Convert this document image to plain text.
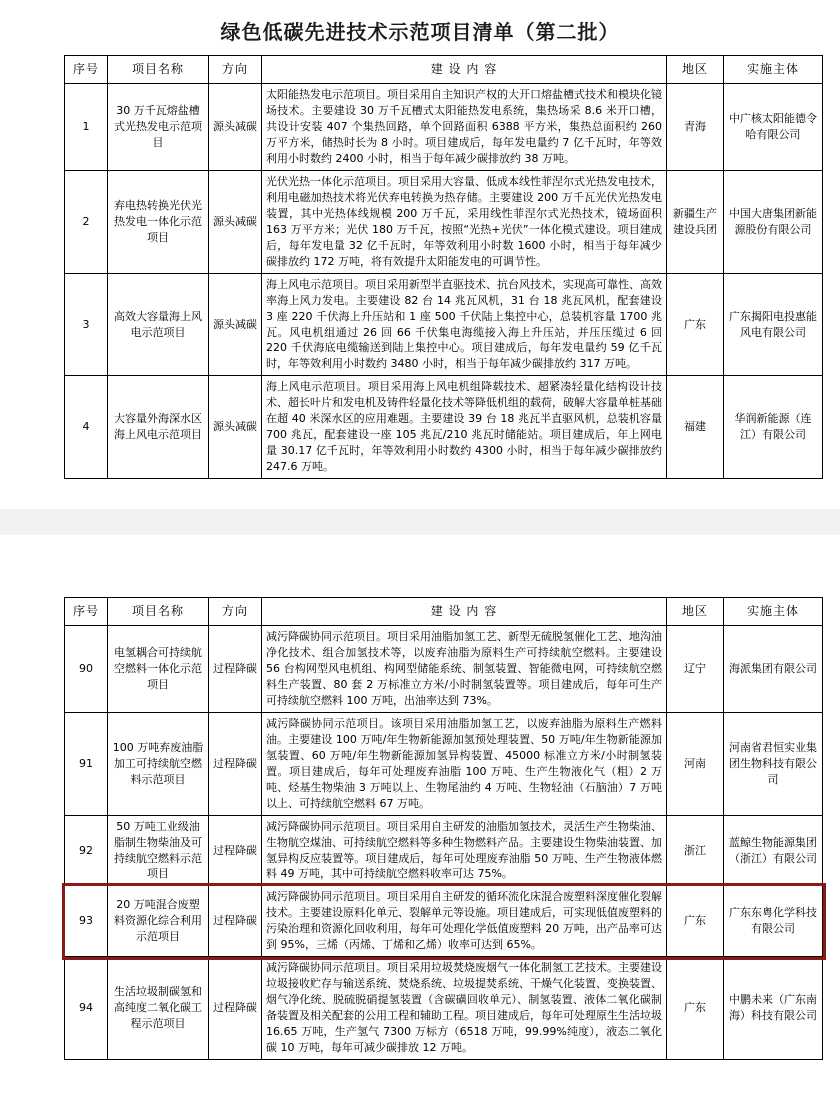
绿色低碳先进技术示范项目清单（第二批）
序号	项目名称	方向	建 设 内 容	地区	实施主体
1	30 万千瓦熔盐槽式光热发电示范项目	源头减碳	太阳能热发电示范项目。项目采用自主知识产权的大开口熔盐槽式技术和模块化镜场技术。主要建设 30 万千瓦槽式太阳能热发电系统，集热场采 8.6 米开口槽，共设计安装 407 个集热回路，单个回路面积 6388 平方米，集热总面积约 260 万平方米，储热时长为 8 小时。项目建成后，每年发电量约 7 亿千瓦时，年等效利用小时数约 2400 小时，相当于每年减少碳排放约 38 万吨。	青海	中广核太阳能德令哈有限公司
2	弃电热转换光伏光热发电一体化示范项目	源头减碳	光伏光热一体化示范项目。项目采用大容量、低成本线性菲涅尔式光热发电技术，利用电磁加热技术将光伏弃电转换为热存储。主要建设 200 万千瓦光伏光热发电装置，其中光热体线规模 200 万千瓦，采用线性菲涅尔式光热技术，镜场面积 163 万平方米；光伏 180 万千瓦，按照“光热+光伏”一体化模式建设。项目建成后，每年发电量 32 亿千瓦时，年等效利用小时数 1600 小时，相当于每年减少碳排放约 172 万吨，将有效提升太阳能发电的可调节性。	新疆生产建设兵团	中国大唐集团新能源股份有限公司
3	高效大容量海上风电示范项目	源头减碳	海上风电示范项目。项目采用新型半直驱技术、抗台风技术，实现高可靠性、高效率海上风力发电。主要建设 82 台 14 兆瓦风机，31 台 18 兆瓦风机，配套建设 3 座 220 千伏海上升压站和 1 座 500 千伏陆上集控中心，总装机容量 1700 兆瓦。风电机组通过 26 回 66 千伏集电海缆接入海上升压站，并压压缆过 6 回 220 千伏海底电缆输送到陆上集控中心。项目建成后，每年发电量约 59 亿千瓦时，年等效利用小时数约 3480 小时，相当于每年减少碳排放约 317 万吨。	广东	广东揭阳电投惠能风电有限公司
4	大容量外海深水区海上风电示范项目	源头减碳	海上风电示范项目。项目采用海上风电机组降载技术、超紧凑轻量化结构设计技术、超长叶片和发电机及铸件轻量化技术等降低机组的载荷，破解大容量单桩基础在超 40 米深水区的应用难题。主要建设 39 台 18 兆瓦半直驱风机，总装机容量 700 兆瓦，配套建设一座 105 兆瓦/210 兆瓦时储能站。项目建成后，年上网电量 30.17 亿千瓦时，年等效利用小时数约 4300 小时，相当于每年减少碳排放约 247.6 万吨。	福建	华润新能源（连江）有限公司
序号	项目名称	方向	建 设 内 容	地区	实施主体
90	电氢耦合可持续航空燃料一体化示范项目	过程降碳	减污降碳协同示范项目。项目采用油脂加氢工艺、新型无硫脱氢催化工艺、地沟油净化技术、组合加氢技术等，以废弃油脂为原料生产可持续航空燃料。主要建设 56 台构网型风电机组、构网型储能系统、制氢装置、智能微电网，可持续航空燃料生产装置、80 套 2 万标准立方米/小时制氢装置等。项目建成后，每年可生产可持续航空燃料 100 万吨，出油率达到 73%。	辽宁	海派集团有限公司
91	100 万吨弃废油脂加工可持续航空燃料示范项目	过程降碳	减污降碳协同示范项目。该项目采用油脂加氢工艺，以废弃油脂为原料生产燃料油。主要建设 100 万吨/年生物新能源加氢预处理装置、50 万吨/年生物新能源加氢装置、60 万吨/年生物新能源加氢异构装置、45000 标准立方米/小时制氢装置。项目建成后，每年可处理废弃油脂 100 万吨、生产生物液化气（粗）2 万吨、烃基生物柴油 3 万吨以上、生物尾油约 4 万吨、生物轻油（石脑油）7 万吨以上、可持续航空燃料 67 万吨。	河南	河南省君恒实业集团生物科技有限公司
92	50 万吨工业级油脂制生物柴油及可持续航空燃料示范项目	过程降碳	减污降碳协同示范项目。项目采用自主研发的油脂加氢技术，灵活生产生物柴油、生物航空煤油、可持续航空燃料等多种生物燃料产品。主要建设生物柴油装置、加氢异构反应装置等。项目建成后，每年可处理废弃油脂 50 万吨、生产生物液体燃料 49 万吨，其中可持续航空燃料收率可达 75%。	浙江	蓝鲸生物能源集团（浙江）有限公司
93	20 万吨混合废塑料资源化综合利用示范项目	过程降碳	减污降碳协同示范项目。项目采用自主研发的循环流化床混合废塑料深度催化裂解技术。主要建设原料化单元、裂解单元等设施。项目建成后，可实现低值废塑料的污染治理和资源化回收利用，每年可处理化学低值废塑料 20 万吨，出产品率可达到 95%，三烯（丙烯、丁烯和乙烯）收率可达到 65%。	广东	广东东粤化学科技有限公司
94	生活垃圾制碳氢和高纯度二氧化碳工程示范项目	过程降碳	减污降碳协同示范项目。项目采用垃圾焚烧废烟气一体化制氢工艺技术。主要建设垃圾接收贮存与输送系统、焚烧系统、垃圾提焚系统、干燥气化装置、变换装置、烟气净化统、脱硫脱硝提氢装置（含碳磺回收单元）、制氢装置、液体二氧化碳制备装置及相关配套的公用工程和辅助工程。项目建成后，每年可处理原生生活垃圾 16.65 万吨，生产氢气 7300 万标方（6518 万吨，99.99%纯度），液态二氧化碳 10 万吨，每年可减少碳排放 12 万吨。	广东	中鹏未来（广东南海）科技有限公司
